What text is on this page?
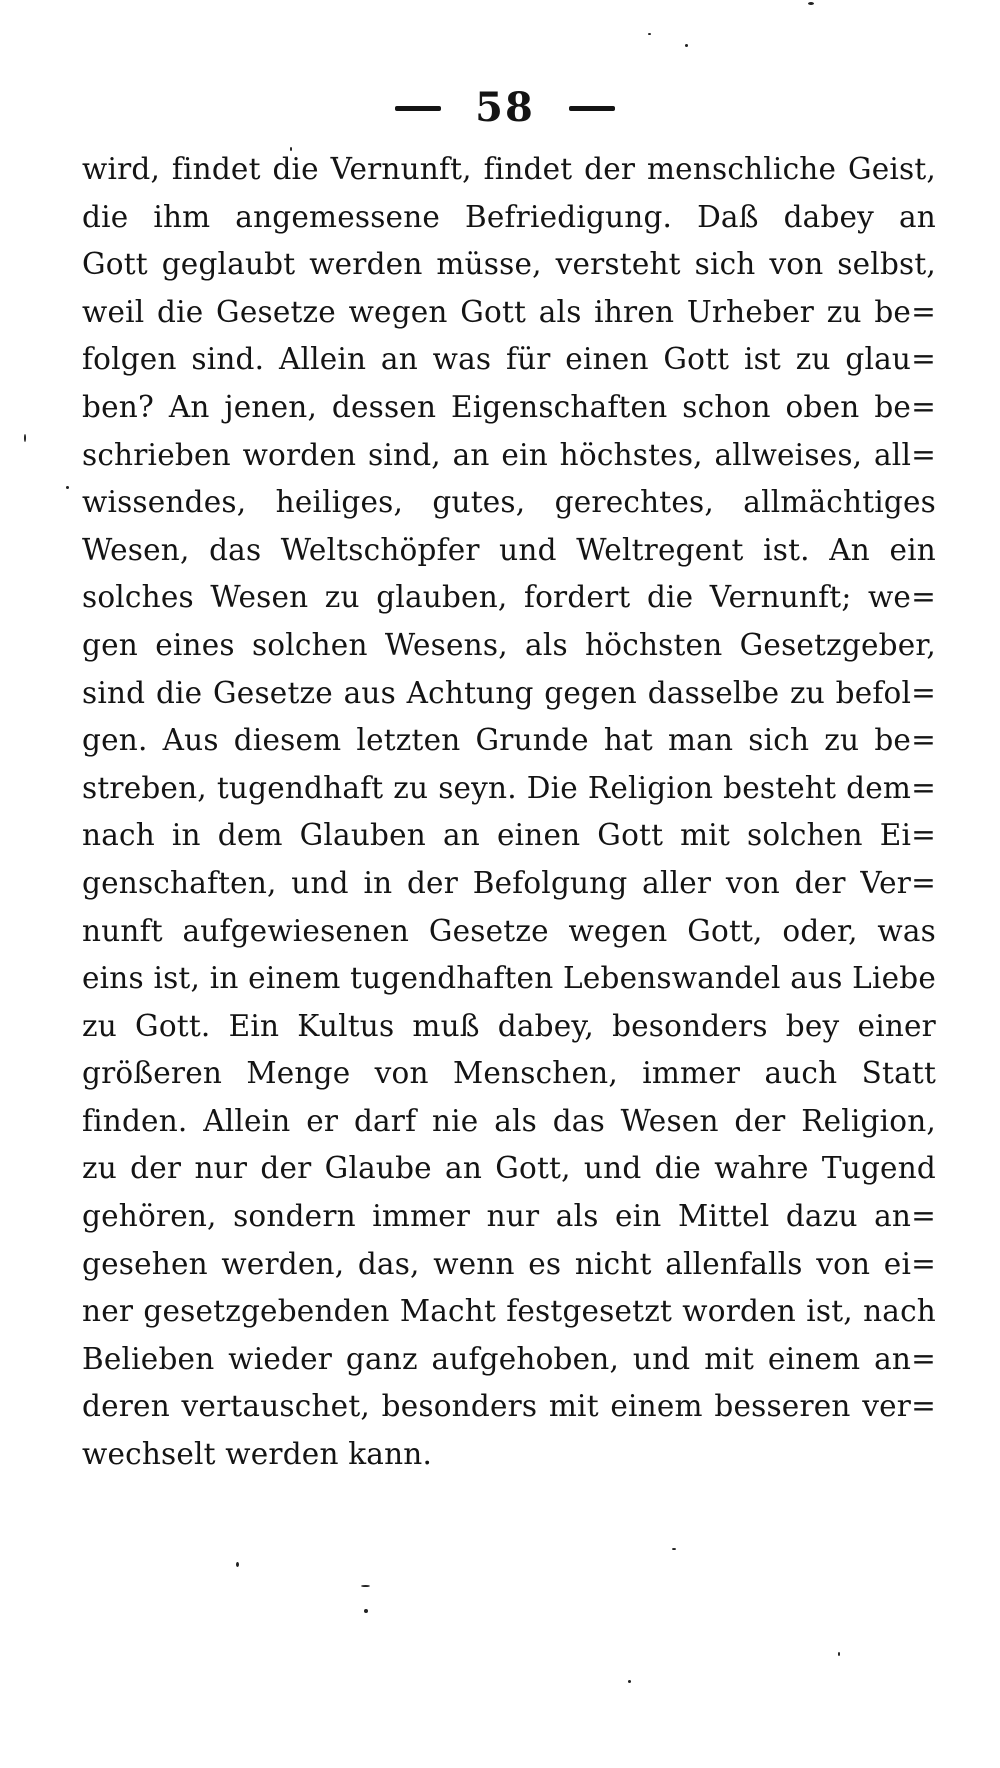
58
wird, findet die Vernunft, findet der menschliche Geist,
die ihm angemessene Befriedigung. Daß dabey an
Gott geglaubt werden müsse, versteht sich von selbst,
weil die Gesetze wegen Gott als ihren Urheber zu be=
folgen sind. Allein an was für einen Gott ist zu glau=
ben? An jenen, dessen Eigenschaften schon oben be=
schrieben worden sind, an ein höchstes, allweises, all=
wissendes, heiliges, gutes, gerechtes, allmächtiges
Wesen, das Weltschöpfer und Weltregent ist. An ein
solches Wesen zu glauben, fordert die Vernunft; we=
gen eines solchen Wesens, als höchsten Gesetzgeber,
sind die Gesetze aus Achtung gegen dasselbe zu befol=
gen. Aus diesem letzten Grunde hat man sich zu be=
streben, tugendhaft zu seyn. Die Religion besteht dem=
nach in dem Glauben an einen Gott mit solchen Ei=
genschaften, und in der Befolgung aller von der Ver=
nunft aufgewiesenen Gesetze wegen Gott, oder, was
eins ist, in einem tugendhaften Lebenswandel aus Liebe
zu Gott. Ein Kultus muß dabey, besonders bey einer
größeren Menge von Menschen, immer auch Statt
finden. Allein er darf nie als das Wesen der Religion,
zu der nur der Glaube an Gott, und die wahre Tugend
gehören, sondern immer nur als ein Mittel dazu an=
gesehen werden, das, wenn es nicht allenfalls von ei=
ner gesetzgebenden Macht festgesetzt worden ist, nach
Belieben wieder ganz aufgehoben, und mit einem an=
deren vertauschet, besonders mit einem besseren ver=
wechselt werden kann.
